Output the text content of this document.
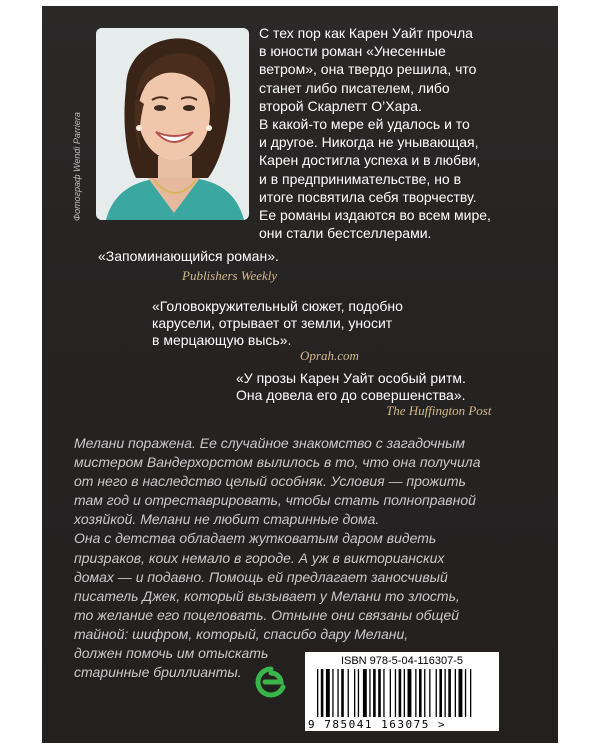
Фотограф Wendi Parriera
С тех пор как Карен Уайт прочла
в юности роман «Унесенные
ветром», она твердо решила, что
станет либо писателем, либо
второй Скарлетт О’Хара.
В какой-то мере ей удалось и то
и другое. Никогда не унывающая,
Карен достигла успеха и в любви,
и в предпринимательстве, но в
итоге посвятила себя творчеству.
Ее романы издаются во всем мире,
они стали бестселлерами.
«Запоминающийся роман».
Publishers Weekly
«Головокружительный сюжет, подобно
карусели, отрывает от земли, уносит
в мерцающую высь».
Oprah.com
«У прозы Карен Уайт особый ритм.
Она довела его до совершенства».
The Huffington Post
Мелани поражена. Ее случайное знакомство с загадочным
мистером Вандерхорстом вылилось в то, что она получила
от него в наследство целый особняк. Условия — прожить
там год и отреставрировать, чтобы стать полноправной
хозяйкой. Мелани не любит старинные дома.
Она с детства обладает жутковатым даром видеть
призраков, коих немало в городе. А уж в викторианских
домах — и подавно. Помощь ей предлагает заносчивый
писатель Джек, который вызывает у Мелани то злость,
то желание его поцеловать. Отныне они связаны общей
тайной: шифром, который, спасибо дару Мелани,
должен помочь им отыскать
старинные бриллианты.
ISBN 978-5-04-116307-5
9 785041 163075 >
